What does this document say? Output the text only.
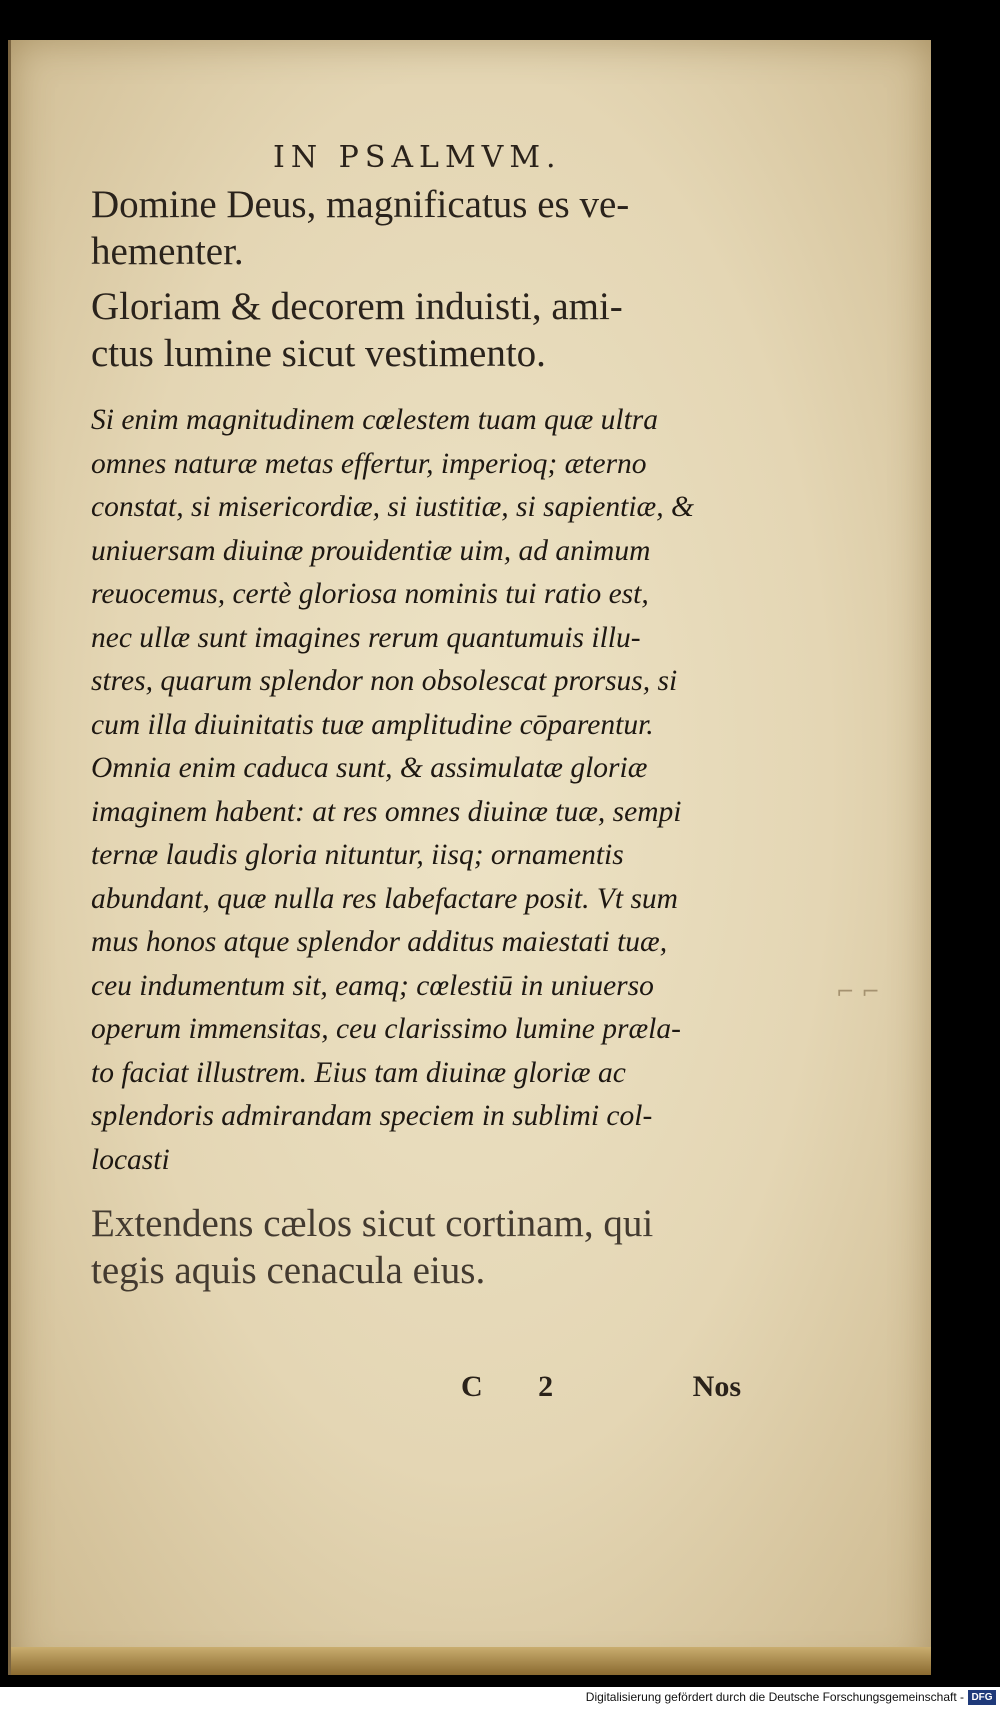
IN PSALMVM.

Domine Deus, magnificatus es ve-

hementer.

Gloriam & decorem induisti, ami-

ctus lumine sicut vestimento.

Si enim magnitudinem cœlestem tuam quæ ultra
omnes naturæ metas effertur, imperioq; æterno
constat, si misericordiæ, si iustitiæ, si sapientiæ, &
uniuersam diuinæ prouidentiæ uim, ad animum
reuocemus, certè gloriosa nominis tui ratio est,
nec ullæ sunt imagines rerum quantumuis illu-
stres, quarum splendor non obsolescat prorsus, si
cum illa diuinitatis tuæ amplitudine cōparentur.
Omnia enim caduca sunt, & assimulatæ gloriæ
imaginem habent: at res omnes diuinæ tuæ, sempi
ternæ laudis gloria nituntur, iisq; ornamentis
abundant, quæ nulla res labefactare posit. Vt sum
mus honos atque splendor additus maiestati tuæ,
ceu indumentum sit, eamq; cœlestiū in uniuerso
operum immensitas, ceu clarissimo lumine præla-
to faciat illustrem. Eius tam diuinæ gloriæ ac
splendoris admirandam speciem in sublimi col-
locasti

Extendens cælos sicut cortinam, qui

tegis aquis cenacula eius.

C 2	Nos
⌐ ⌐
Digitalisierung gefördert durch die Deutsche Forschungsgemeinschaft - DFG
